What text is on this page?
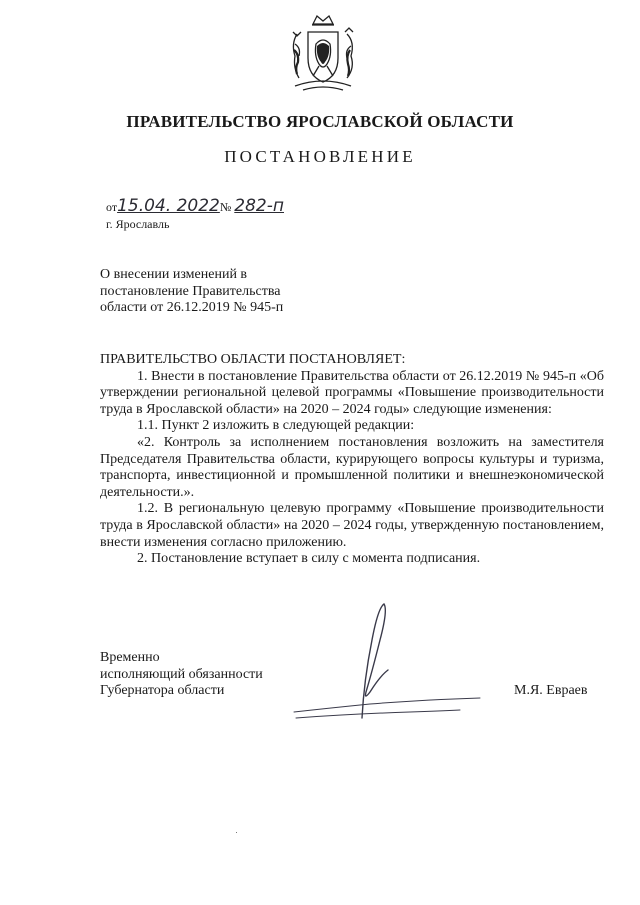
ПРАВИТЕЛЬСТВО ЯРОСЛАВСКОЙ ОБЛАСТИ
ПОСТАНОВЛЕНИЕ
от15.04. 2022№ 282-п
г. Ярославль
О внесении изменений в
постановление Правительства
области от 26.12.2019 № 945-п

ПРАВИТЕЛЬСТВО ОБЛАСТИ ПОСТАНОВЛЯЕТ:

1. Внести в постановление Правительства области от 26.12.2019 № 945-п «Об утверждении региональной целевой программы «Повышение производительности труда в Ярославской области» на 2020 – 2024 годы» следующие изменения:

1.1. Пункт 2 изложить в следующей редакции:

«2. Контроль за исполнением постановления возложить на заместителя Председателя Правительства области, курирующего вопросы культуры и туризма, транспорта, инвестиционной и промышленной политики и внешнеэкономической деятельности.».

1.2. В региональную целевую программу «Повышение производительности труда в Ярославской области» на 2020 – 2024 годы, утвержденную постановлением, внести изменения согласно приложению.

2. Постановление вступает в силу с момента подписания.

Временно
исполняющий обязанности
Губернатора области	М.Я. Евраев
